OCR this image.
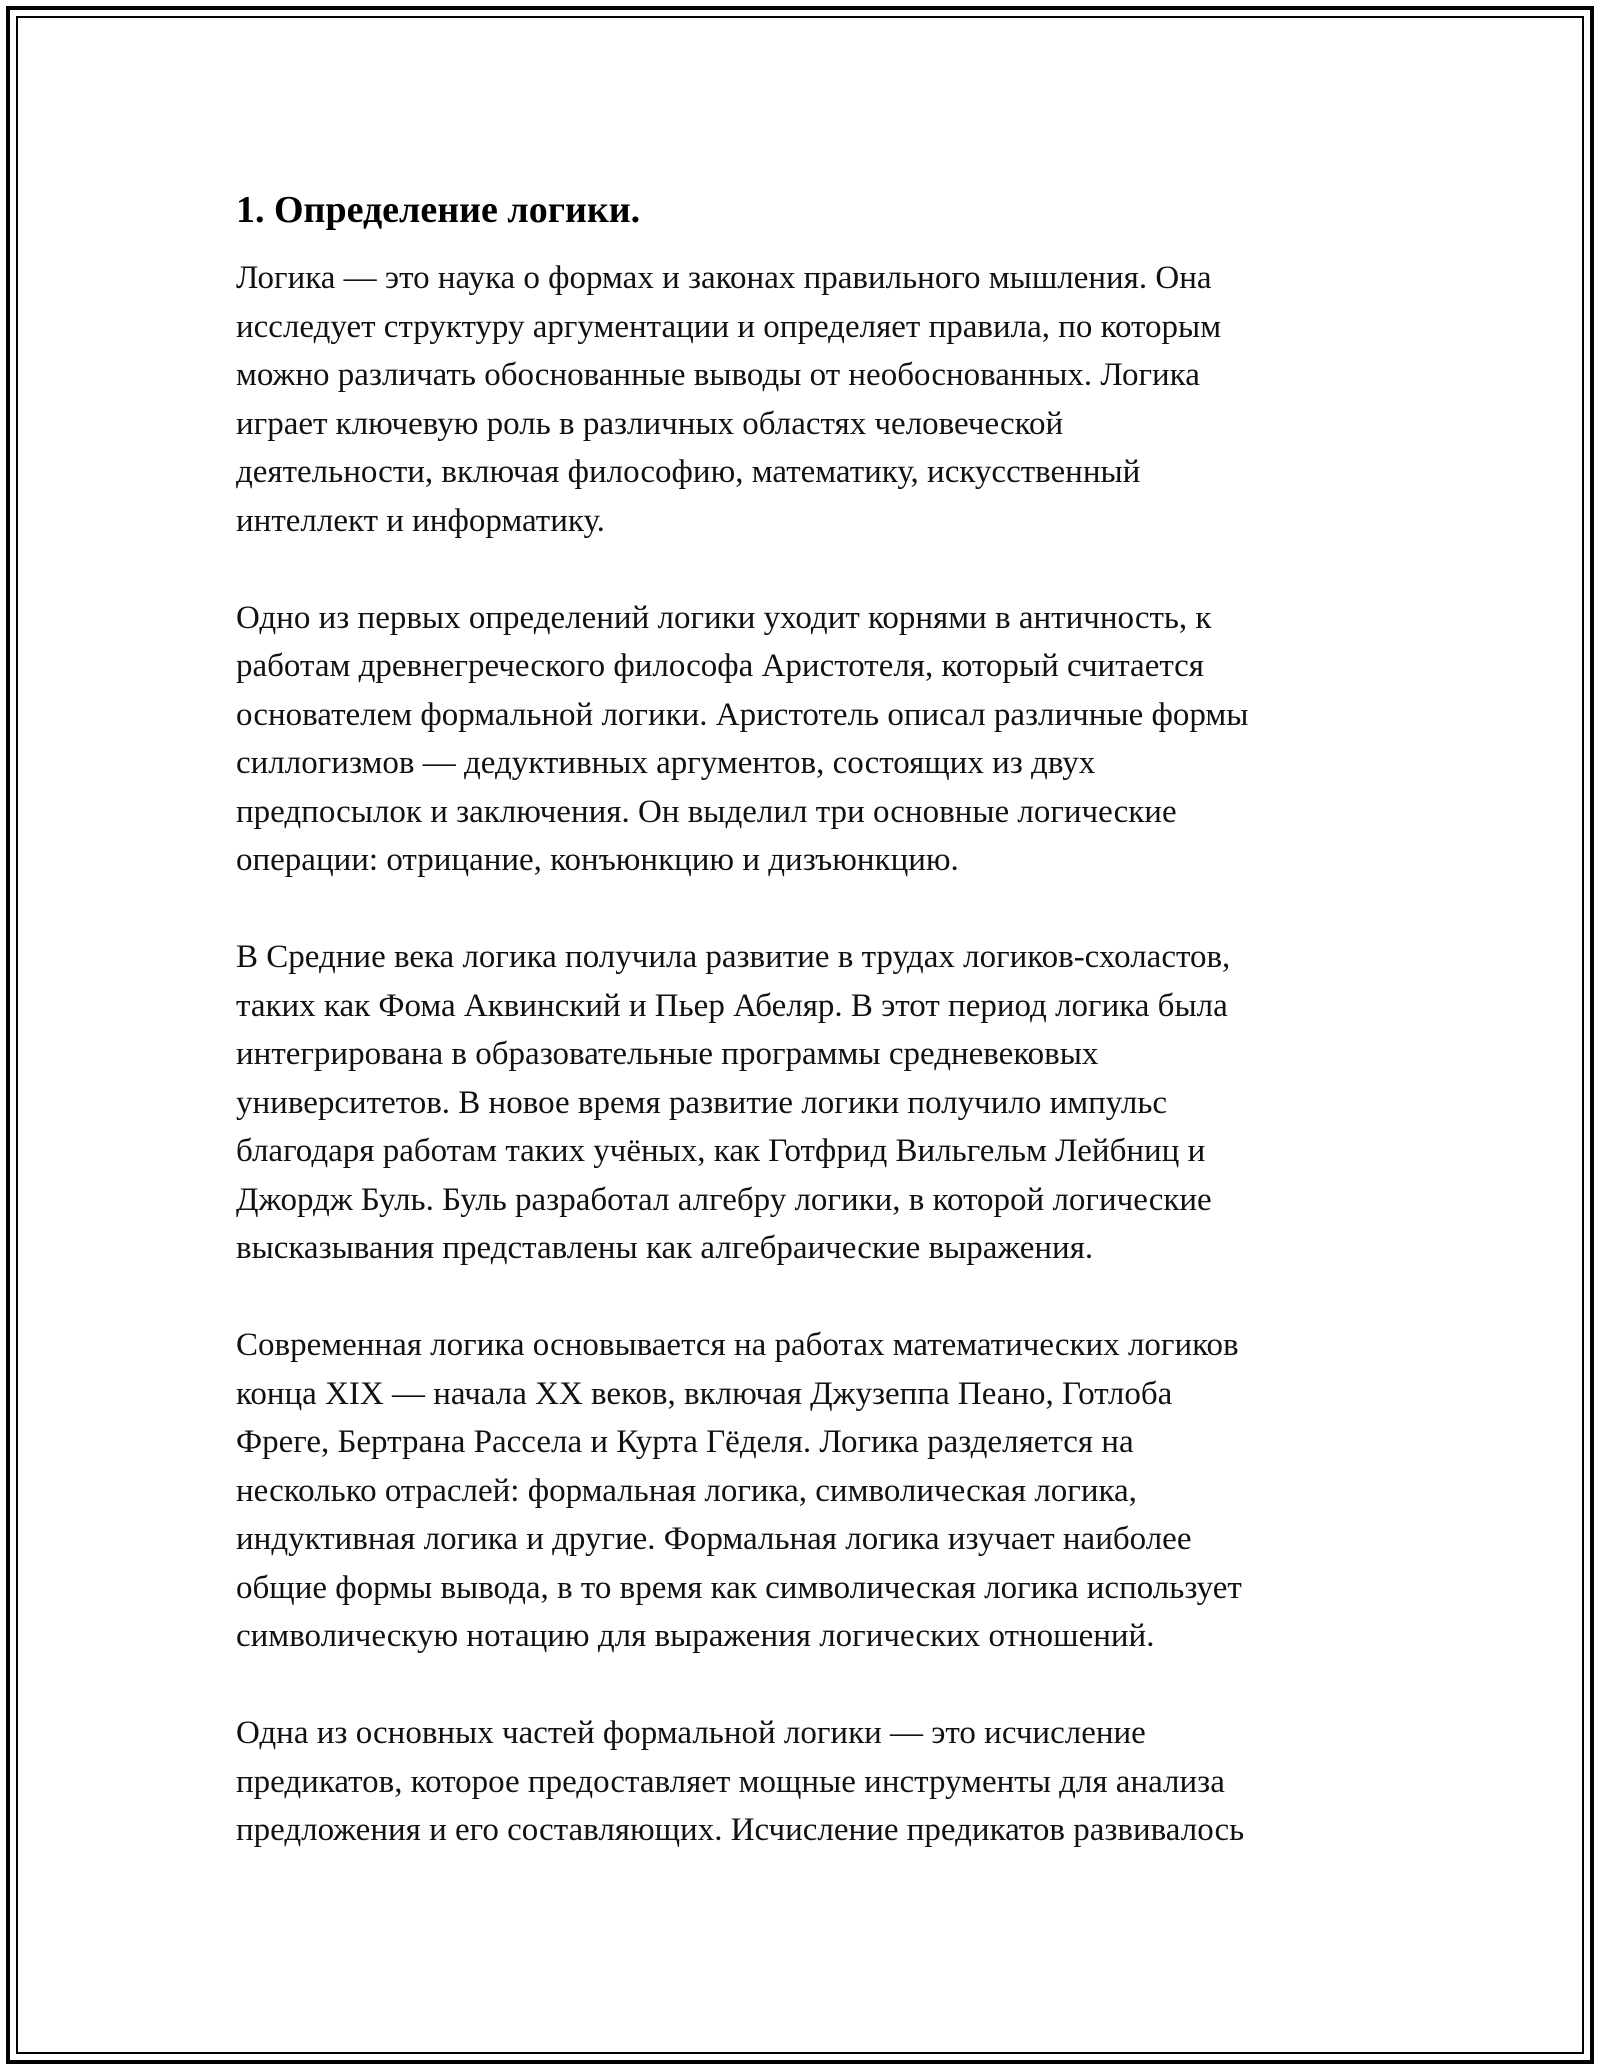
1. Определение логики.
Логика — это наука о формах и законах правильного мышления. Она
исследует структуру аргументации и определяет правила, по которым
можно различать обоснованные выводы от необоснованных. Логика
играет ключевую роль в различных областях человеческой
деятельности, включая философию, математику, искусственный
интеллект и информатику.
Одно из первых определений логики уходит корнями в античность, к
работам древнегреческого философа Аристотеля, который считается
основателем формальной логики. Аристотель описал различные формы
силлогизмов — дедуктивных аргументов, состоящих из двух
предпосылок и заключения. Он выделил три основные логические
операции: отрицание, конъюнкцию и дизъюнкцию.
В Средние века логика получила развитие в трудах логиков-схоластов,
таких как Фома Аквинский и Пьер Абеляр. В этот период логика была
интегрирована в образовательные программы средневековых
университетов. В новое время развитие логики получило импульс
благодаря работам таких учёных, как Готфрид Вильгельм Лейбниц и
Джордж Буль. Буль разработал алгебру логики, в которой логические
высказывания представлены как алгебраические выражения.
Современная логика основывается на работах математических логиков
конца XIX — начала XX веков, включая Джузеппа Пеано, Готлоба
Фреге, Бертрана Рассела и Курта Гёделя. Логика разделяется на
несколько отраслей: формальная логика, символическая логика,
индуктивная логика и другие. Формальная логика изучает наиболее
общие формы вывода, в то время как символическая логика использует
символическую нотацию для выражения логических отношений.
Одна из основных частей формальной логики — это исчисление
предикатов, которое предоставляет мощные инструменты для анализа
предложения и его составляющих. Исчисление предикатов развивалось
